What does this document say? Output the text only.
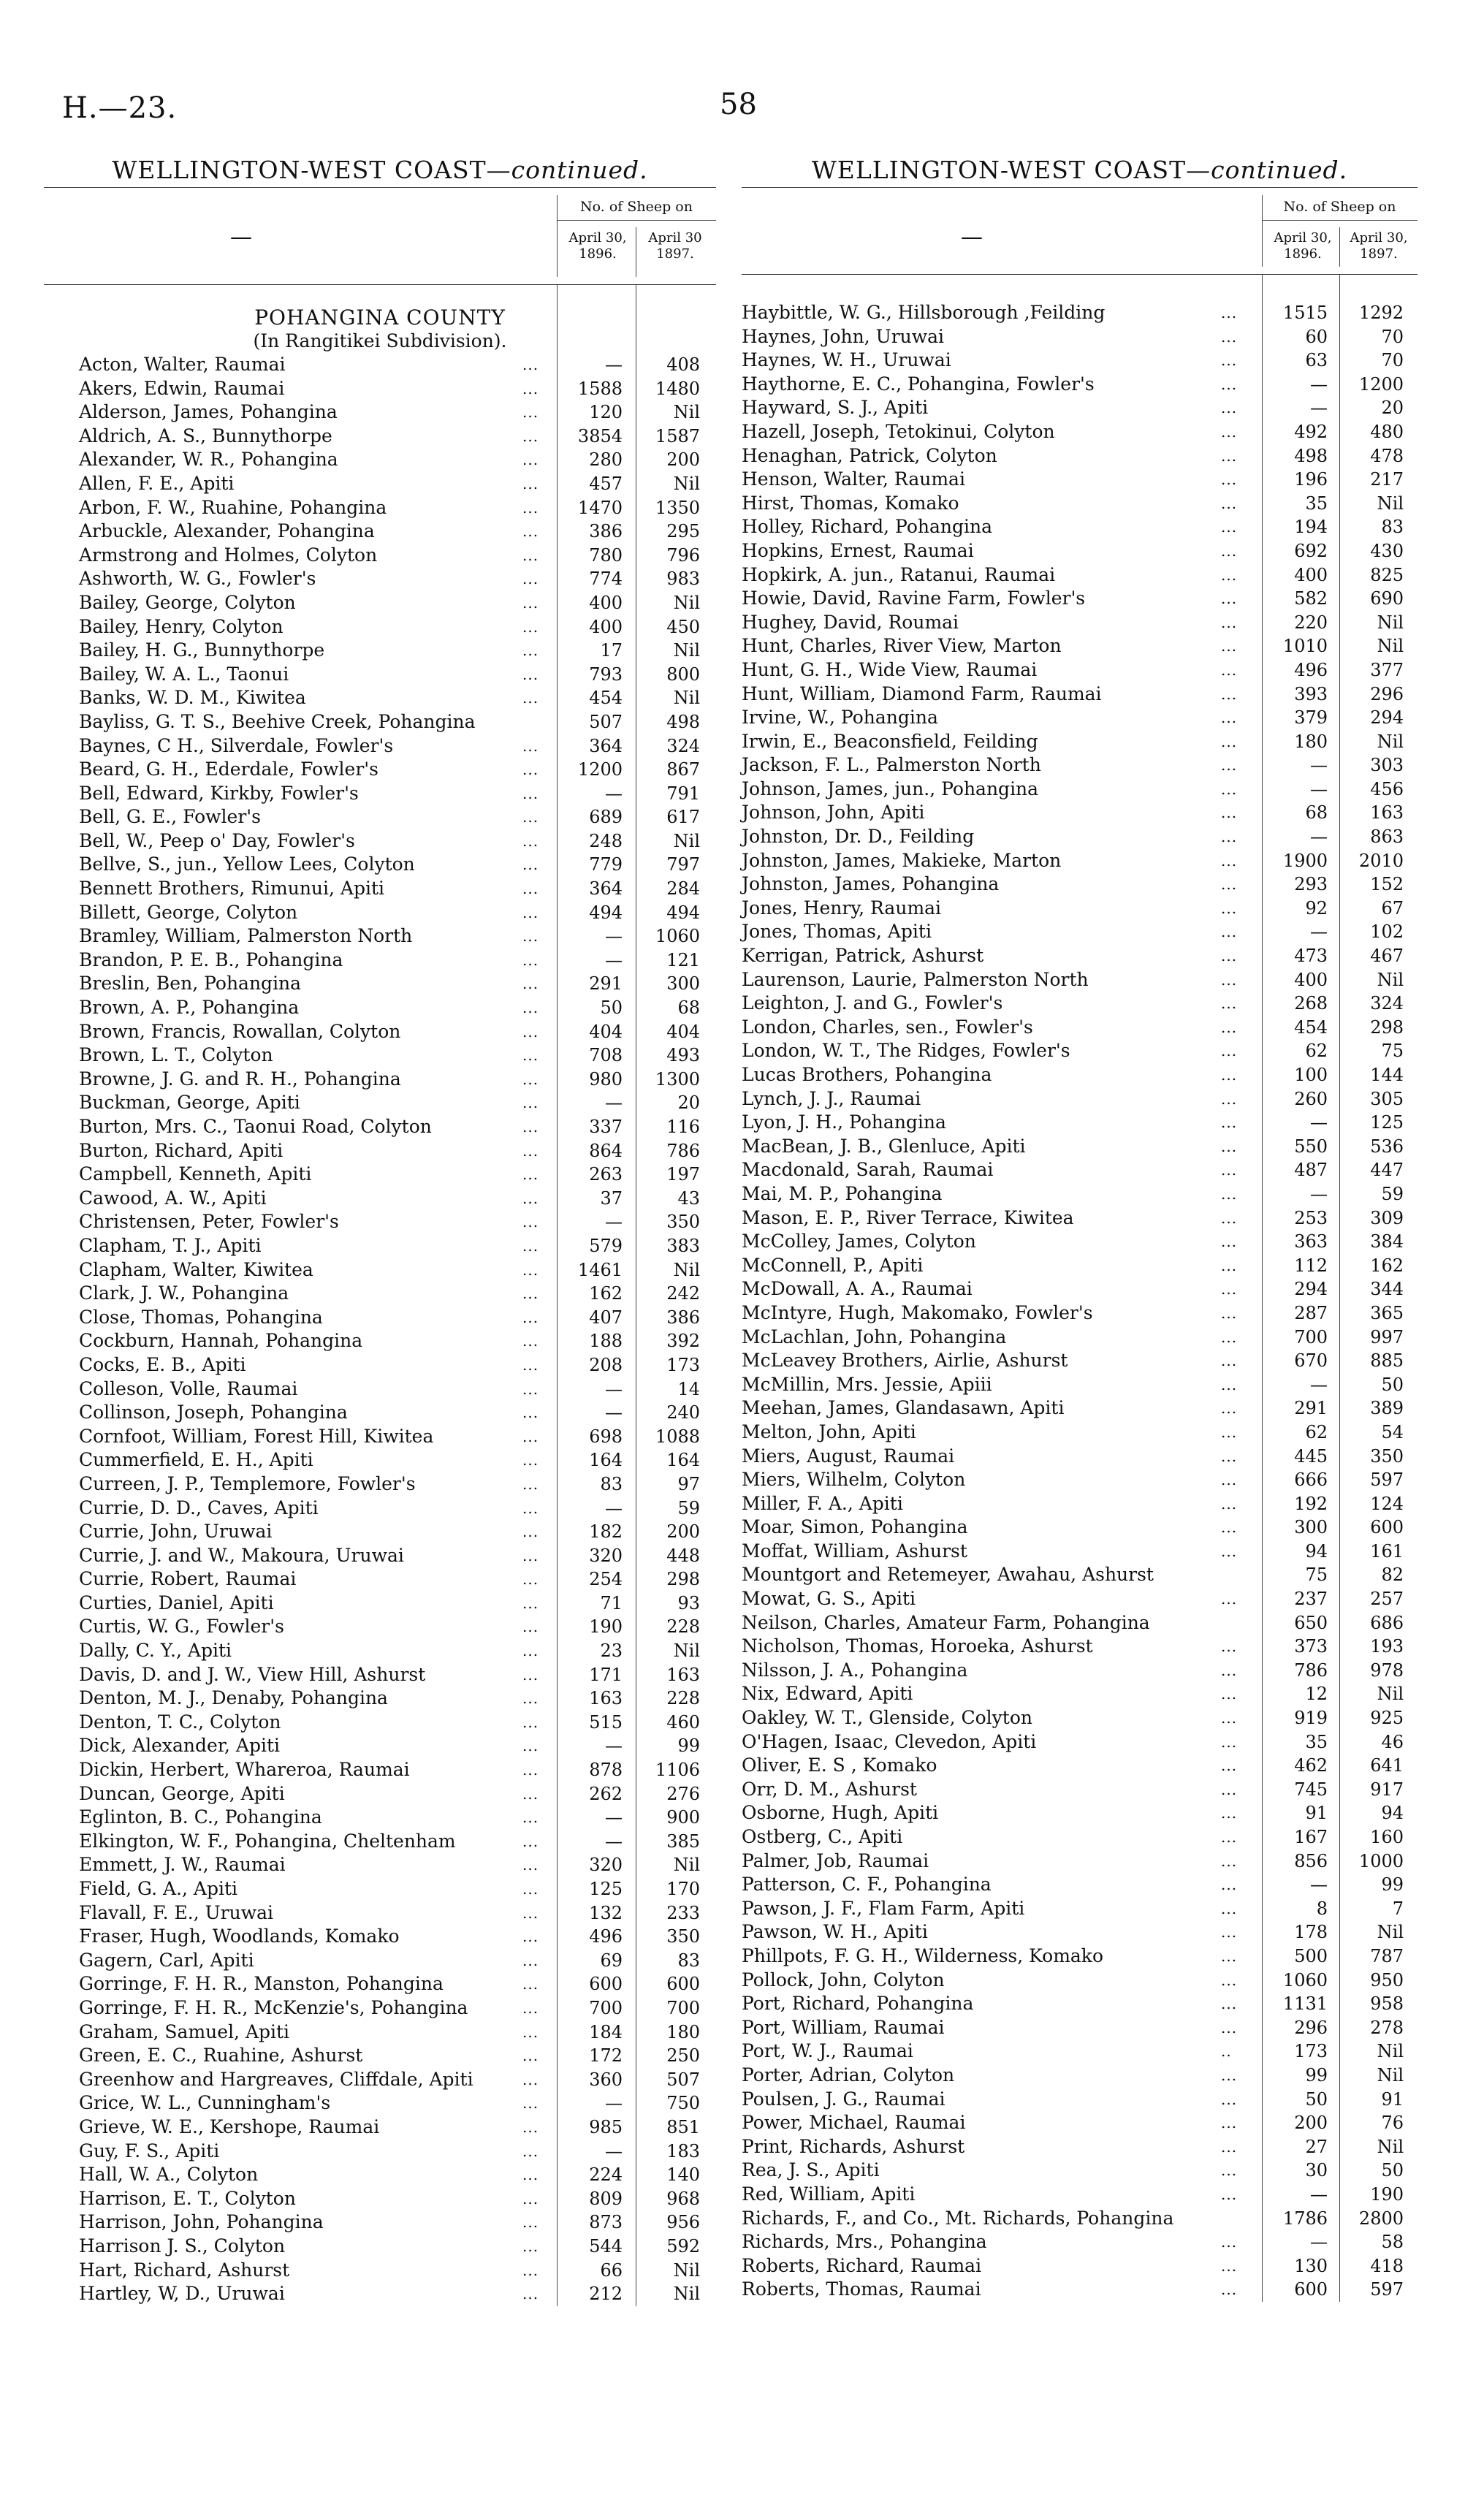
H.—23.	58
WELLINGTON-WEST COAST—continued.
—
No. of Sheep on
April 30, 1896.
April 30 1897.
POHANGINA COUNTY
(In Rangitikei Subdivision).
Acton, Walter, Raumai	...	—	408
Akers, Edwin, Raumai	...	1588	1480
Alderson, James, Pohangina	...	120	Nil
Aldrich, A. S., Bunnythorpe	...	3854	1587
Alexander, W. R., Pohangina	...	280	200
Allen, F. E., Apiti	...	457	Nil
Arbon, F. W., Ruahine, Pohangina	...	1470	1350
Arbuckle, Alexander, Pohangina	...	386	295
Armstrong and Holmes, Colyton	...	780	796
Ashworth, W. G., Fowler's	...	774	983
Bailey, George, Colyton	...	400	Nil
Bailey, Henry, Colyton	...	400	450
Bailey, H. G., Bunnythorpe	...	17	Nil
Bailey, W. A. L., Taonui	...	793	800
Banks, W. D. M., Kiwitea	...	454	Nil
Bayliss, G. T. S., Beehive Creek, Pohangina	507	498
Baynes, C H., Silverdale, Fowler's	...	364	324
Beard, G. H., Ederdale, Fowler's	...	1200	867
Bell, Edward, Kirkby, Fowler's	...	—	791
Bell, G. E., Fowler's	...	689	617
Bell, W., Peep o' Day, Fowler's	...	248	Nil
Bellve, S., jun., Yellow Lees, Colyton	...	779	797
Bennett Brothers, Rimunui, Apiti	...	364	284
Billett, George, Colyton	...	494	494
Bramley, William, Palmerston North	...	—	1060
Brandon, P. E. B., Pohangina	...	—	121
Breslin, Ben, Pohangina	...	291	300
Brown, A. P., Pohangina	...	50	68
Brown, Francis, Rowallan, Colyton	...	404	404
Brown, L. T., Colyton	...	708	493
Browne, J. G. and R. H., Pohangina	...	980	1300
Buckman, George, Apiti	...	—	20
Burton, Mrs. C., Taonui Road, Colyton	...	337	116
Burton, Richard, Apiti	...	864	786
Campbell, Kenneth, Apiti	...	263	197
Cawood, A. W., Apiti	...	37	43
Christensen, Peter, Fowler's	...	—	350
Clapham, T. J., Apiti	...	579	383
Clapham, Walter, Kiwitea	...	1461	Nil
Clark, J. W., Pohangina	...	162	242
Close, Thomas, Pohangina	...	407	386
Cockburn, Hannah, Pohangina	...	188	392
Cocks, E. B., Apiti	...	208	173
Colleson, Volle, Raumai	...	—	14
Collinson, Joseph, Pohangina	...	—	240
Cornfoot, William, Forest Hill, Kiwitea	...	698	1088
Cummerfield, E. H., Apiti	...	164	164
Curreen, J. P., Templemore, Fowler's	...	83	97
Currie, D. D., Caves, Apiti	...	—	59
Currie, John, Uruwai	...	182	200
Currie, J. and W., Makoura, Uruwai	...	320	448
Currie, Robert, Raumai	...	254	298
Curties, Daniel, Apiti	...	71	93
Curtis, W. G., Fowler's	...	190	228
Dally, C. Y., Apiti	...	23	Nil
Davis, D. and J. W., View Hill, Ashurst	...	171	163
Denton, M. J., Denaby, Pohangina	...	163	228
Denton, T. C., Colyton	...	515	460
Dick, Alexander, Apiti	...	—	99
Dickin, Herbert, Whareroa, Raumai	...	878	1106
Duncan, George, Apiti	...	262	276
Eglinton, B. C., Pohangina	...	—	900
Elkington, W. F., Pohangina, Cheltenham	...	—	385
Emmett, J. W., Raumai	...	320	Nil
Field, G. A., Apiti	...	125	170
Flavall, F. E., Uruwai	...	132	233
Fraser, Hugh, Woodlands, Komako	...	496	350
Gagern, Carl, Apiti	...	69	83
Gorringe, F. H. R., Manston, Pohangina	...	600	600
Gorringe, F. H. R., McKenzie's, Pohangina	...	700	700
Graham, Samuel, Apiti	...	184	180
Green, E. C., Ruahine, Ashurst	...	172	250
Greenhow and Hargreaves, Cliffdale, Apiti	...	360	507
Grice, W. L., Cunningham's	...	—	750
Grieve, W. E., Kershope, Raumai	...	985	851
Guy, F. S., Apiti	...	—	183
Hall, W. A., Colyton	...	224	140
Harrison, E. T., Colyton	...	809	968
Harrison, John, Pohangina	...	873	956
Harrison J. S., Colyton	...	544	592
Hart, Richard, Ashurst	...	66	Nil
Hartley, W, D., Uruwai	...	212	Nil
WELLINGTON-WEST COAST—continued.
—
No. of Sheep on
April 30, 1896.
April 30, 1897.
Haybittle, W. G., Hillsborough ,Feilding	...	1515	1292
Haynes, John, Uruwai	...	60	70
Haynes, W. H., Uruwai	...	63	70
Haythorne, E. C., Pohangina, Fowler's	...	—	1200
Hayward, S. J., Apiti	...	—	20
Hazell, Joseph, Tetokinui, Colyton	...	492	480
Henaghan, Patrick, Colyton	...	498	478
Henson, Walter, Raumai	...	196	217
Hirst, Thomas, Komako	...	35	Nil
Holley, Richard, Pohangina	...	194	83
Hopkins, Ernest, Raumai	...	692	430
Hopkirk, A. jun., Ratanui, Raumai	...	400	825
Howie, David, Ravine Farm, Fowler's	...	582	690
Hughey, David, Roumai	...	220	Nil
Hunt, Charles, River View, Marton	...	1010	Nil
Hunt, G. H., Wide View, Raumai	...	496	377
Hunt, William, Diamond Farm, Raumai	...	393	296
Irvine, W., Pohangina	...	379	294
Irwin, E., Beaconsfield, Feilding	...	180	Nil
Jackson, F. L., Palmerston North	...	—	303
Johnson, James, jun., Pohangina	...	—	456
Johnson, John, Apiti	...	68	163
Johnston, Dr. D., Feilding	...	—	863
Johnston, James, Makieke, Marton	...	1900	2010
Johnston, James, Pohangina	...	293	152
Jones, Henry, Raumai	...	92	67
Jones, Thomas, Apiti	...	—	102
Kerrigan, Patrick, Ashurst	...	473	467
Laurenson, Laurie, Palmerston North	...	400	Nil
Leighton, J. and G., Fowler's	...	268	324
London, Charles, sen., Fowler's	...	454	298
London, W. T., The Ridges, Fowler's	...	62	75
Lucas Brothers, Pohangina	...	100	144
Lynch, J. J., Raumai	...	260	305
Lyon, J. H., Pohangina	...	—	125
MacBean, J. B., Glenluce, Apiti	...	550	536
Macdonald, Sarah, Raumai	...	487	447
Mai, M. P., Pohangina	...	—	59
Mason, E. P., River Terrace, Kiwitea	...	253	309
McColley, James, Colyton	...	363	384
McConnell, P., Apiti	...	112	162
McDowall, A. A., Raumai	...	294	344
McIntyre, Hugh, Makomako, Fowler's	...	287	365
McLachlan, John, Pohangina	...	700	997
McLeavey Brothers, Airlie, Ashurst	...	670	885
McMillin, Mrs. Jessie, Apiii	...	—	50
Meehan, James, Glandasawn, Apiti	...	291	389
Melton, John, Apiti	...	62	54
Miers, August, Raumai	...	445	350
Miers, Wilhelm, Colyton	...	666	597
Miller, F. A., Apiti	...	192	124
Moar, Simon, Pohangina	...	300	600
Moffat, William, Ashurst	...	94	161
Mountgort and Retemeyer, Awahau, Ashurst	75	82
Mowat, G. S., Apiti	...	237	257
Neilson, Charles, Amateur Farm, Pohangina	650	686
Nicholson, Thomas, Horoeka, Ashurst	...	373	193
Nilsson, J. A., Pohangina	...	786	978
Nix, Edward, Apiti	...	12	Nil
Oakley, W. T., Glenside, Colyton	...	919	925
O'Hagen, Isaac, Clevedon, Apiti	...	35	46
Oliver, E. S , Komako	...	462	641
Orr, D. M., Ashurst	...	745	917
Osborne, Hugh, Apiti	...	91	94
Ostberg, C., Apiti	...	167	160
Palmer, Job, Raumai	...	856	1000
Patterson, C. F., Pohangina	...	—	99
Pawson, J. F., Flam Farm, Apiti	...	8	7
Pawson, W. H., Apiti	...	178	Nil
Phillpots, F. G. H., Wilderness, Komako	...	500	787
Pollock, John, Colyton	...	1060	950
Port, Richard, Pohangina	...	1131	958
Port, William, Raumai	...	296	278
Port, W. J., Raumai	..	173	Nil
Porter, Adrian, Colyton	...	99	Nil
Poulsen, J. G., Raumai	...	50	91
Power, Michael, Raumai	...	200	76
Print, Richards, Ashurst	...	27	Nil
Rea, J. S., Apiti	...	30	50
Red, William, Apiti	...	—	190
Richards, F., and Co., Mt. Richards, Pohangina	1786	2800
Richards, Mrs., Pohangina	...	—	58
Roberts, Richard, Raumai	...	130	418
Roberts, Thomas, Raumai	...	600	597
